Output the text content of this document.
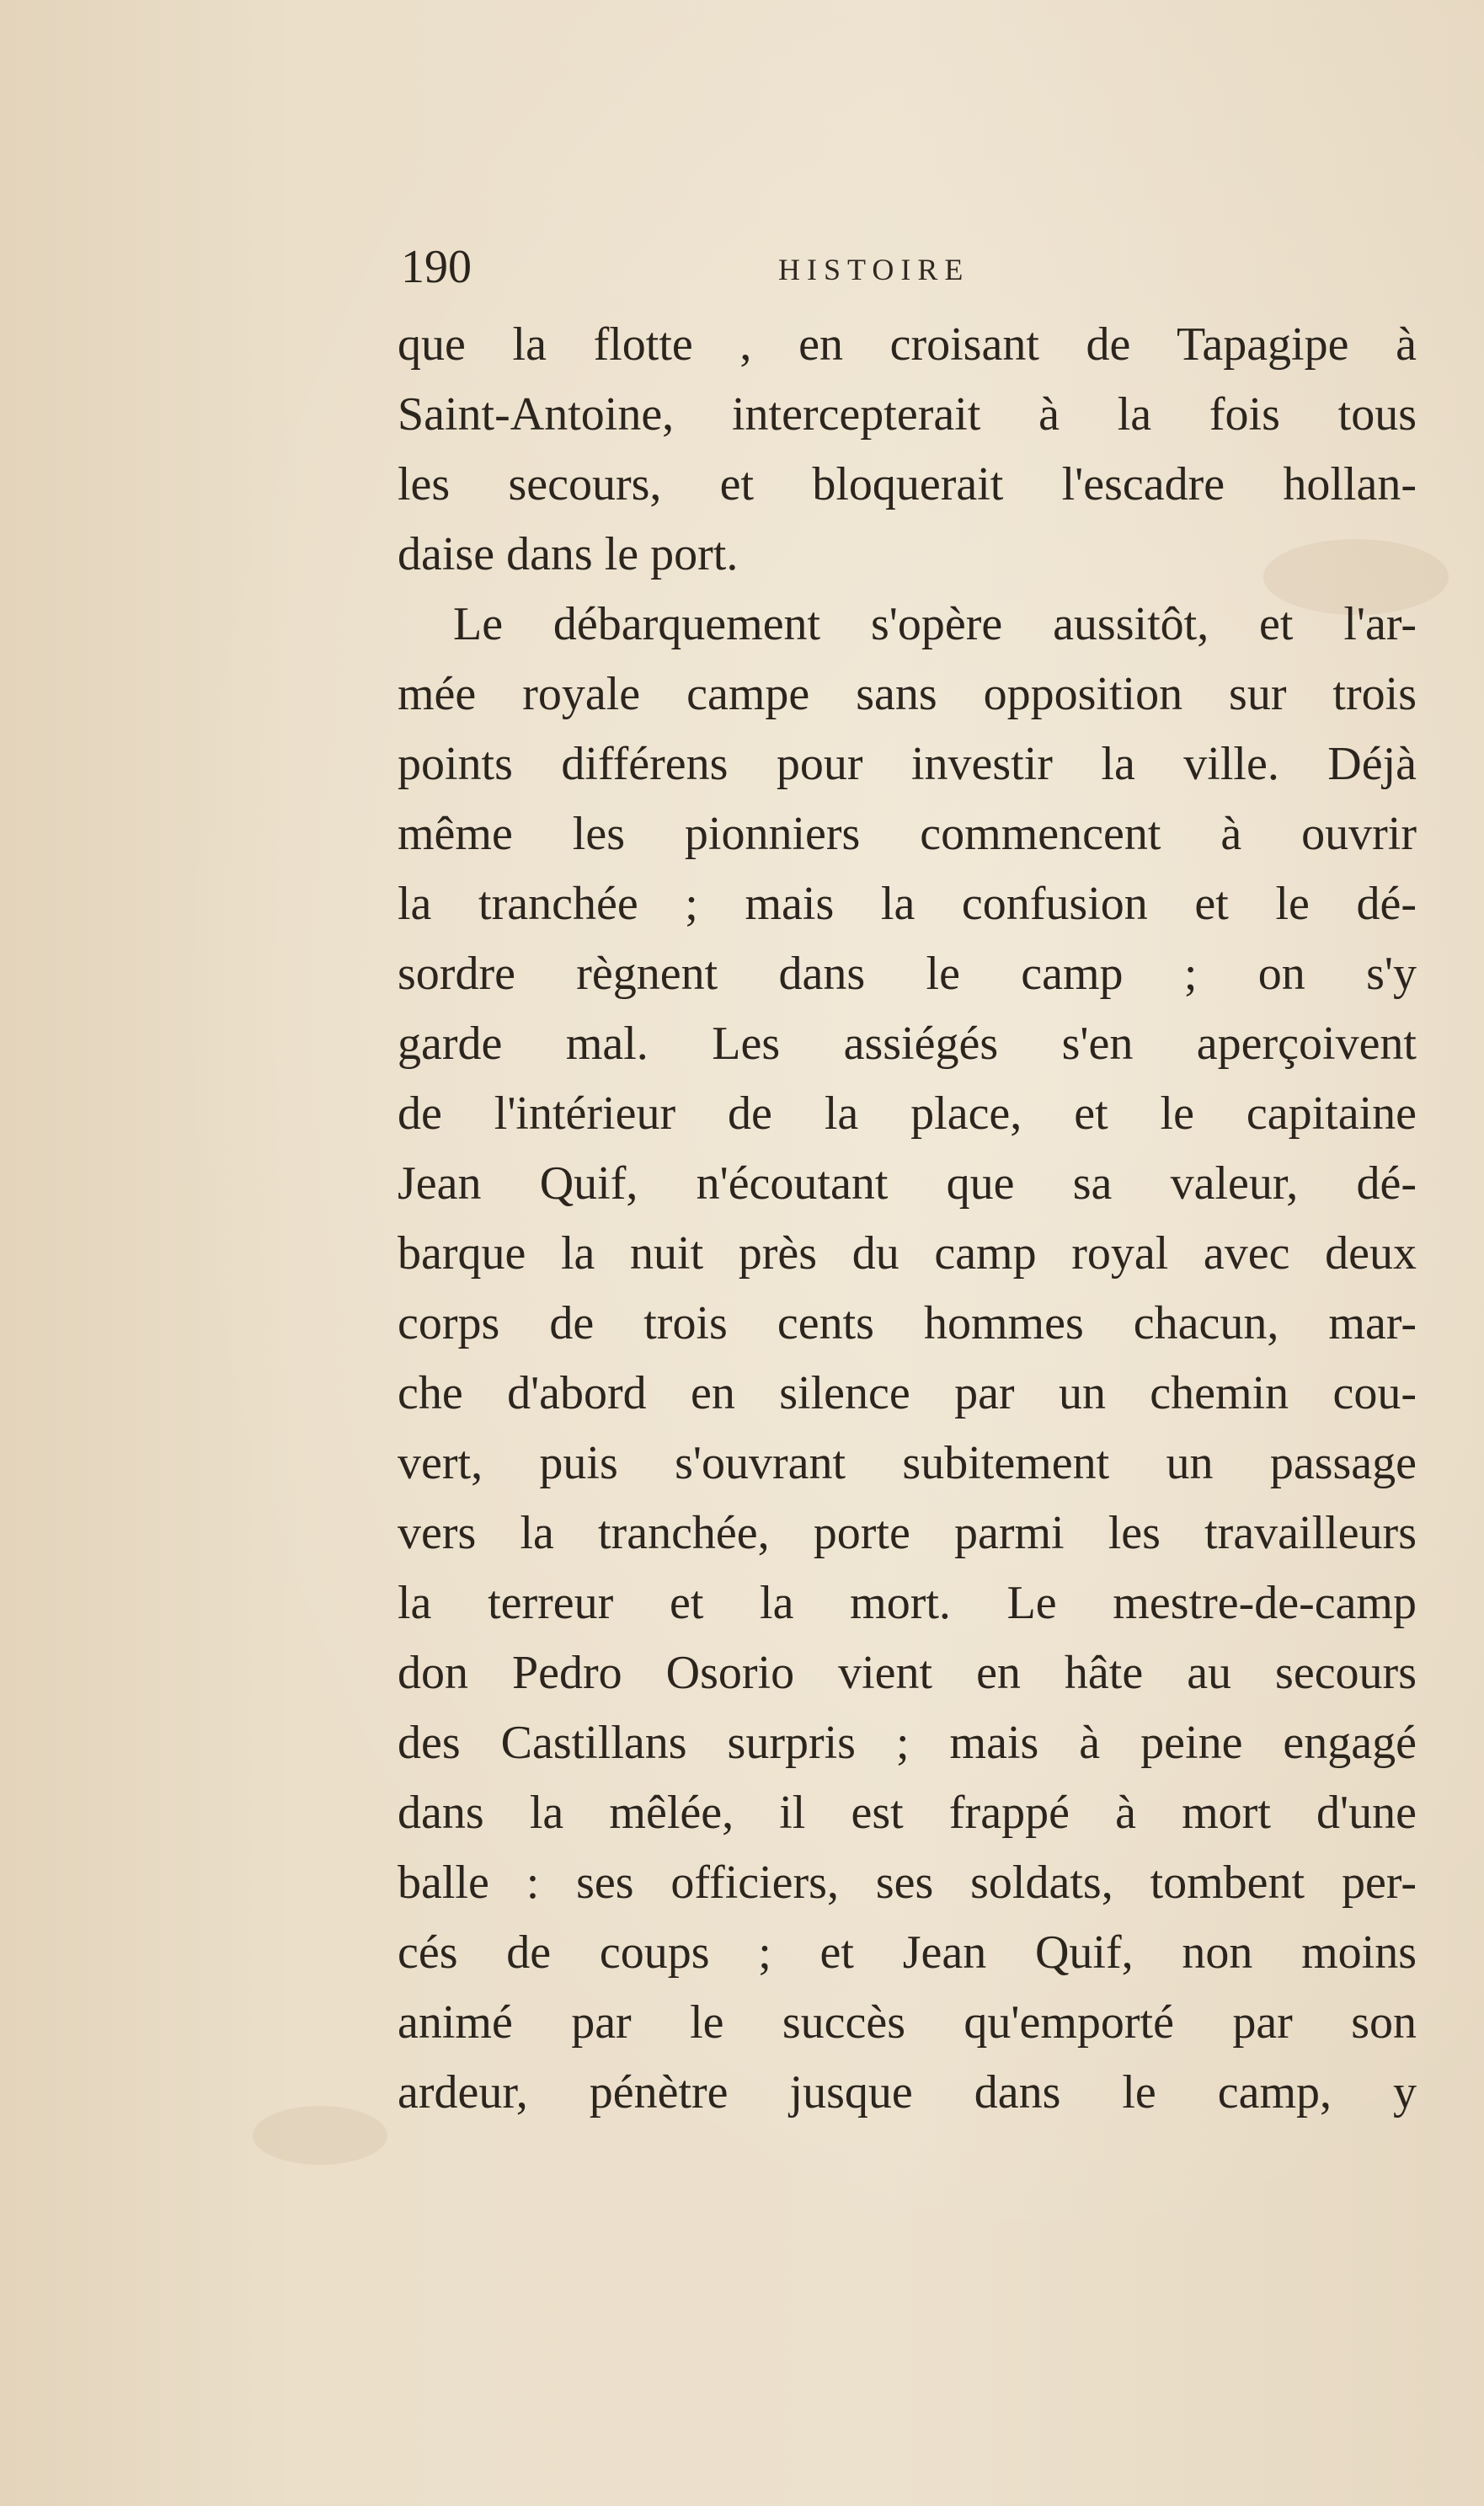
190	HISTOIRE
que la flotte , en croisant de Tapagipe à
Saint-Antoine, intercepterait à la fois tous
les secours, et bloquerait l'escadre hollan-
daise dans le port.
Le débarquement s'opère aussitôt, et l'ar-
mée royale campe sans opposition sur trois
points différens pour investir la ville. Déjà
même les pionniers commencent à ouvrir
la tranchée ; mais la confusion et le dé-
sordre règnent dans le camp ; on s'y
garde mal. Les assiégés s'en aperçoivent
de l'intérieur de la place, et le capitaine
Jean Quif, n'écoutant que sa valeur, dé-
barque la nuit près du camp royal avec deux
corps de trois cents hommes chacun, mar-
che d'abord en silence par un chemin cou-
vert, puis s'ouvrant subitement un passage
vers la tranchée, porte parmi les travailleurs
la terreur et la mort. Le mestre-de-camp
don Pedro Osorio vient en hâte au secours
des Castillans surpris ; mais à peine engagé
dans la mêlée, il est frappé à mort d'une
balle : ses officiers, ses soldats, tombent per-
cés de coups ; et Jean Quif, non moins
animé par le succès qu'emporté par son
ardeur, pénètre jusque dans le camp, y
